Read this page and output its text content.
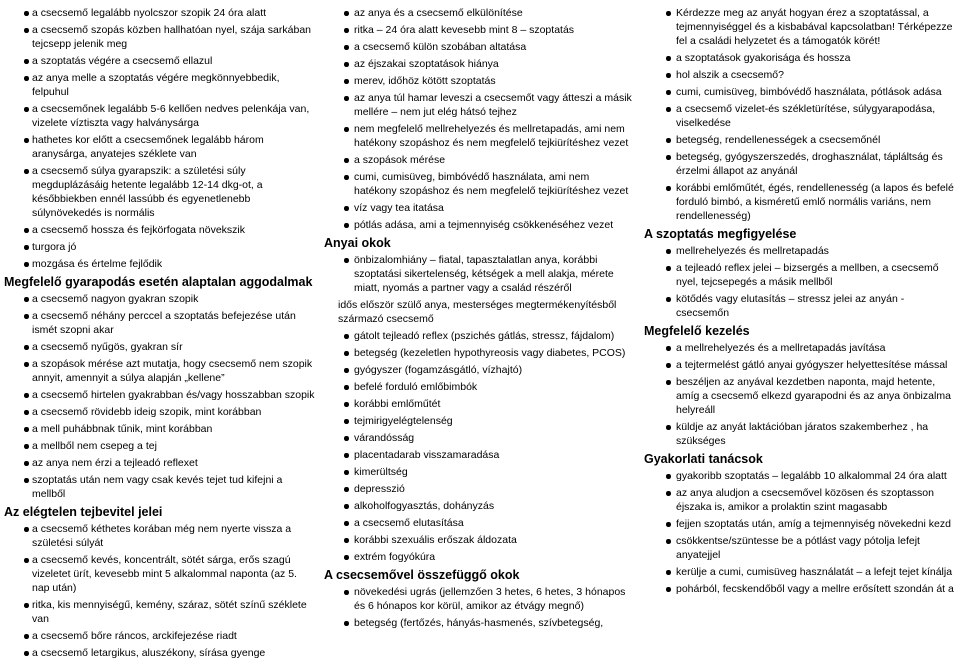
a csecsemő legalább nyolcszor szopik 24 óra alatt
a csecsemő szopás közben hallhatóan nyel, szája sarkában tejcsepp jelenik meg
a szoptatás végére a csecsemő ellazul
az anya melle a szoptatás végére megkönnyebbedik, felpuhul
a csecsemőnek legalább 5-6 kellően nedves pelenkája van, vizelete víztiszta vagy halványsárga
hathetes kor előtt a csecsemőnek legalább három aranysárga, anyatejes széklete van
a csecsemő súlya gyarapszik: a születési súly megduplázásáig hetente legalább 12-14 dkg-ot, a későbbiekben ennél lassúbb és egyenetlenebb súlynövekedés is normális
a csecsemő hossza és fejkörfogata növekszik
turgora jó
mozgása és értelme fejlődik
Megfelelő gyarapodás esetén alaptalan aggodalmak
a csecsemő nagyon gyakran szopik
a csecsemő néhány perccel a szoptatás befejezése után ismét szopni akar
a csecsemő nyűgös, gyakran sír
a szopások mérése azt mutatja, hogy csecsemő nem szopik annyit, amennyit a súlya alapján „kellene”
a csecsemő hirtelen gyakrabban és/vagy hosszabban szopik
a csecsemő rövidebb ideig szopik, mint korábban
a mell puhábbnak tűnik, mint korábban
a mellből nem csepeg a tej
az anya nem érzi a tejleadó reflexet
szoptatás után nem vagy csak kevés tejet tud kifejni a mellből
Az elégtelen tejbevitel jelei
a csecsemő kéthetes korában még nem nyerte vissza a születési súlyát
a csecsemő kevés, koncentrált, sötét sárga, erős szagú vizeletet ürít, kevesebb mint 5 alkalommal naponta (az 5. nap után)
ritka, kis mennyiségű, kemény, száraz, sötét színű széklete van
a csecsemő bőre ráncos, arckifejezése riadt
a csecsemő letargikus, aluszékony, sírása gyenge
az anya és a csecsemő elkülönítése
ritka – 24 óra alatt kevesebb mint 8 – szoptatás
a csecsemő külön szobában altatása
az éjszakai szoptatások hiánya
merev, időhöz kötött szoptatás
az anya túl hamar leveszi a csecsemőt vagy átteszi a másik mellére – nem jut elég hátsó tejhez
nem megfelelő mellrehelyezés és mellretapadás, ami nem hatékony szopáshoz és nem megfelelő tejkiürítéshez vezet
a szopások mérése
cumi, cumisüveg, bimbóvédő használata, ami nem hatékony szopáshoz és nem megfelelő tejkiürítéshez vezet
víz vagy tea itatása
pótlás adása, ami a tejmennyiség csökkenéséhez vezet
Anyai okok
önbizalomhiány – fiatal, tapasztalatlan anya, korábbi szoptatási sikertelenség, kétségek a mell alakja, mérete miatt, nyomás a partner vagy a család részéről
idős először szülő anya, mesterséges megtermékenyítésből származó csecsemő
gátolt tejleadó reflex (pszichés gátlás, stressz, fájdalom)
betegség (kezeletlen hypothyreosis vagy diabetes, PCOS)
gyógyszer (fogamzásgátló, vízhajtó)
befelé forduló emlőbimbók
korábbi emlőműtét
tejmirigyelégtelenség
várandósság
placentadarab visszamaradása
kimerültség
depresszió
alkoholfogyasztás, dohányzás
a csecsemő elutasítása
korábbi szexuális erőszak áldozata
extrém fogyókúra
A csecsemővel összefüggő okok
növekedési ugrás (jellemzően 3 hetes, 6 hetes, 3 hónapos és 6 hónapos kor körül, amikor az étvágy megnő)
betegség (fertőzés, hányás-hasmenés, szívbetegség,
Kérdezze meg az anyát hogyan érez a szoptatással, a tejmennyiséggel és a kisbabával kapcsolatban! Térképezze fel a családi helyzetet és a támogatók körét!
a szoptatások gyakorisága és hossza
hol alszik a csecsemő?
cumi, cumisüveg, bimbóvédő használata, pótlások adása
a csecsemő vizelet-és székletürítése, súlygyarapodása, viselkedése
betegség, rendellenességek a csecsemőnél
betegség, gyógyszerszedés, droghasználat, tápláltság és érzelmi állapot az anyánál
korábbi emlőműtét, égés, rendellenesség (a lapos és befelé forduló bimbó, a kisméretű emlő normális variáns, nem rendellenesség)
A szoptatás megfigyelése
mellrehelyezés és mellretapadás
a tejleadó reflex jelei – bizsergés a mellben, a csecsemő nyel, tejcsepegés a másik mellből
kötődés vagy elutasítás – stressz jelei az anyán - csecsemőn
Megfelelő kezelés
a mellrehelyezés és a mellretapadás javítása
a tejtermelést gátló anyai gyógyszer helyettesítése mással
beszéljen az anyával kezdetben naponta, majd hetente, amíg a csecsemő elkezd gyarapodni és az anya önbizalma helyreáll
küldje az anyát laktációban járatos szakemberhez , ha szükséges
Gyakorlati tanácsok
gyakoribb szoptatás – legalább 10 alkalommal 24 óra alatt
az anya aludjon a csecsemővel közösen és szoptasson éjszaka is, amikor a prolaktin szint magasabb
fejjen szoptatás után, amíg a tejmennyiség növekedni kezd
csökkentse/szüntesse be a pótlást vagy pótolja lefejt anyatejjel
kerülje a cumi, cumisüveg használatát – a lefejt tejet kínálja
pohárból, fecskendőből vagy a mellre erősített szondán át a
